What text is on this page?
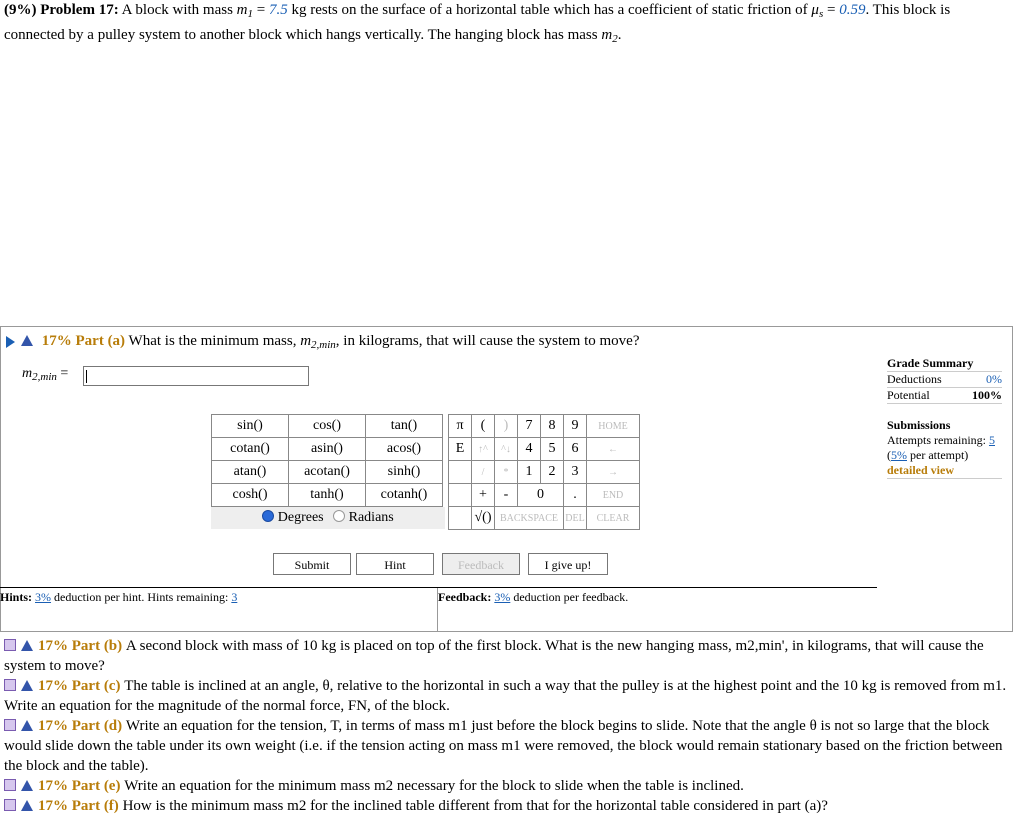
(9%) Problem 17: A block with mass $m_1 = 7.5$ kg rests on the surface of a horizontal table which has a coefficient of static friction of $\mu_s = 0.59$. This block is connected by a pulley system to another block which hangs vertically. The hanging block has mass $m_2$.
17% Part (a) What is the minimum mass, $m_{2,min}$, in kilograms, that will cause the system to move?
$m_{2,min}$ =
sin()	cos()	tan()
cotan()	asin()	acos()
atan()	acotan()	sinh()
cosh()	tanh()	cotanh()
Degrees Radians
π	(	)	7	8	9	HOME
E	↑^	^↓	4	5	6	←
	/	*	1	2	3	→
	+	-	0		.	END
	√()	BACKSPACE			DEL	CLEAR
Submit	Hint	Feedback	I give up!
Grade Summary
Deductions	0%
Potential	100%
Submissions
Attempts remaining: 5
(5% per attempt)
detailed view
Hints: 3% deduction per hint. Hints remaining: 3	Feedback: 3% deduction per feedback.
17% Part (b) A second block with mass of 10 kg is placed on top of the first block. What is the new hanging mass, m2,min', in kilograms, that will cause the system to move?
17% Part (c) The table is inclined at an angle, θ, relative to the horizontal in such a way that the pulley is at the highest point and the 10 kg is removed from m1. Write an equation for the magnitude of the normal force, FN, of the block.
17% Part (d) Write an equation for the tension, T, in terms of mass m1 just before the block begins to slide. Note that the angle θ is not so large that the block would slide down the table under its own weight (i.e. if the tension acting on mass m1 were removed, the block would remain stationary based on the friction between the block and the table).
17% Part (e) Write an equation for the minimum mass m2 necessary for the block to slide when the table is inclined.
17% Part (f) How is the minimum mass m2 for the inclined table different from that for the horizontal table considered in part (a)?
